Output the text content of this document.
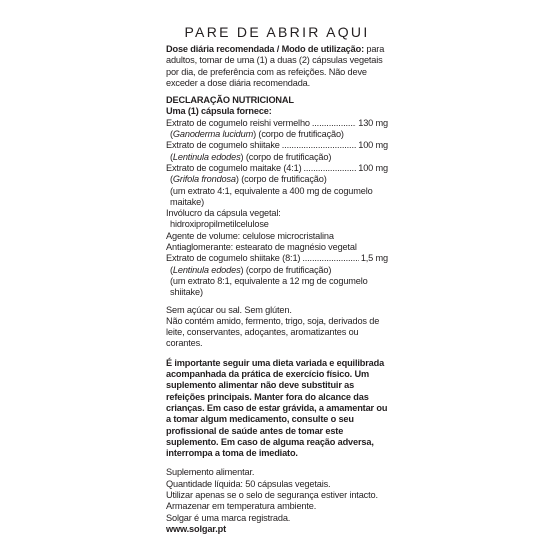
PARE DE ABRIR AQUI
Dose diária recomendada / Modo de utilização: para adultos, tomar de uma (1) a duas (2) cápsulas vegetais por dia, de preferência com as refeições. Não deve exceder a dose diária recomendada.
DECLARAÇÃO NUTRICIONAL
Uma (1) cápsula fornece:
Extrato de cogumelo reishi vermelho .....	130 mg
(Ganoderma lucidum) (corpo de frutificação)
Extrato de cogumelo shiitake .....	100 mg
(Lentinula edodes) (corpo de frutificação)
Extrato de cogumelo maitake (4:1) .....	100 mg
(Grifola frondosa) (corpo de frutificação)
(um extrato 4:1, equivalente a 400 mg de cogumelo maitake)
Invólucro da cápsula vegetal:
hidroxipropilmetilcelulose
Agente de volume: celulose microcristalina
Antiaglomerante: estearato de magnésio vegetal
Extrato de cogumelo shiitake (8:1) .....	1,5 mg
(Lentinula edodes) (corpo de frutificação)
(um extrato 8:1, equivalente a 12 mg de cogumelo shiitake)
Sem açúcar ou sal. Sem glúten.
Não contém amido, fermento, trigo, soja, derivados de leite, conservantes, adoçantes, aromatizantes ou corantes.
É importante seguir uma dieta variada e equilibrada acompanhada da prática de exercício físico. Um suplemento alimentar não deve substituir as refeições principais. Manter fora do alcance das crianças. Em caso de estar grávida, a amamentar ou a tomar algum medicamento, consulte o seu profissional de saúde antes de tomar este suplemento. Em caso de alguma reação adversa, interrompa a toma de imediato.
Suplemento alimentar.
Quantidade líquida: 50 cápsulas vegetais.
Utilizar apenas se o selo de segurança estiver intacto.
Armazenar em temperatura ambiente.
Solgar é uma marca registrada.
www.solgar.pt
